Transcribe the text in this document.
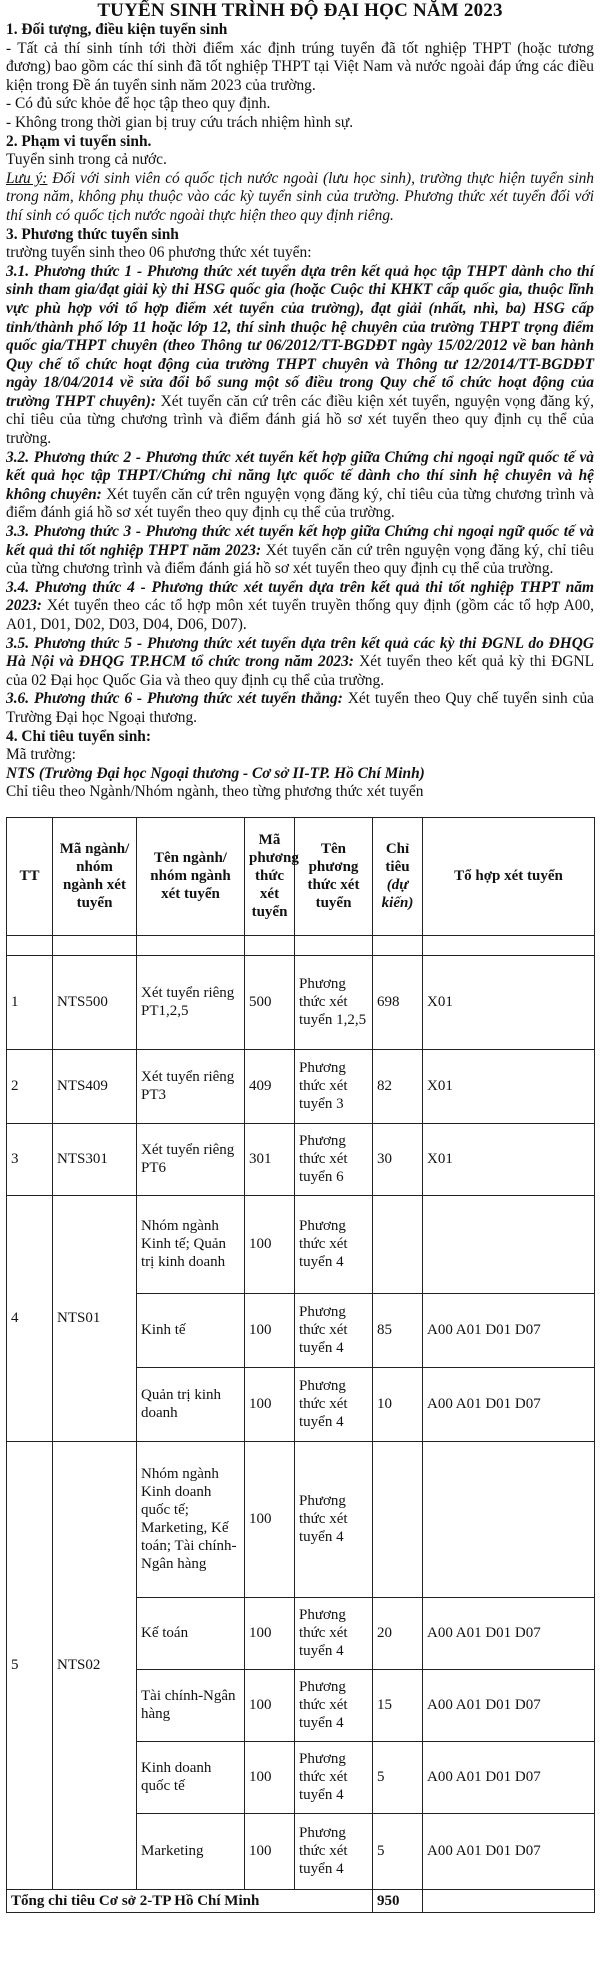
TUYỂN SINH TRÌNH ĐỘ ĐẠI HỌC NĂM 2023

1. Đối tượng, điều kiện tuyển sinh

- Tất cả thí sinh tính tới thời điểm xác định trúng tuyển đã tốt nghiệp THPT (hoặc tương đương) bao gồm các thí sinh đã tốt nghiệp THPT tại Việt Nam và nước ngoài đáp ứng các điều kiện trong Đề án tuyển sinh năm 2023 của trường.

- Có đủ sức khỏe để học tập theo quy định.

- Không trong thời gian bị truy cứu trách nhiệm hình sự.

2. Phạm vi tuyển sinh.

Tuyển sinh trong cả nước.

Lưu ý: Đối với sinh viên có quốc tịch nước ngoài (lưu học sinh), trường thực hiện tuyển sinh trong năm, không phụ thuộc vào các kỳ tuyển sinh của trường. Phương thức xét tuyển đối với thí sinh có quốc tịch nước ngoài thực hiện theo quy định riêng.

3. Phương thức tuyển sinh

trường tuyển sinh theo 06 phương thức xét tuyển:

3.1. Phương thức 1 - Phương thức xét tuyển dựa trên kết quả học tập THPT dành cho thí sinh tham gia/đạt giải kỳ thi HSG quốc gia (hoặc Cuộc thi KHKT cấp quốc gia, thuộc lĩnh vực phù hợp với tổ hợp điểm xét tuyển của trường), đạt giải (nhất, nhì, ba) HSG cấp tỉnh/thành phố lớp 11 hoặc lớp 12, thí sinh thuộc hệ chuyên của trường THPT trọng điểm quốc gia/THPT chuyên (theo Thông tư 06/2012/TT-BGDĐT ngày 15/02/2012 về ban hành Quy chế tổ chức hoạt động của trường THPT chuyên và Thông tư 12/2014/TT-BGDĐT ngày 18/04/2014 về sửa đổi bổ sung một số điều trong Quy chế tổ chức hoạt động của trường THPT chuyên): Xét tuyển căn cứ trên các điều kiện xét tuyển, nguyện vọng đăng ký, chỉ tiêu của từng chương trình và điểm đánh giá hồ sơ xét tuyển theo quy định cụ thể của trường.

3.2. Phương thức 2 - Phương thức xét tuyển kết hợp giữa Chứng chỉ ngoại ngữ quốc tế và kết quả học tập THPT/Chứng chỉ năng lực quốc tế dành cho thí sinh hệ chuyên và hệ không chuyên: Xét tuyển căn cứ trên nguyện vọng đăng ký, chỉ tiêu của từng chương trình và điểm đánh giá hồ sơ xét tuyển theo quy định cụ thể của trường.

3.3. Phương thức 3 - Phương thức xét tuyển kết hợp giữa Chứng chỉ ngoại ngữ quốc tế và kết quả thi tốt nghiệp THPT năm 2023: Xét tuyển căn cứ trên nguyện vọng đăng ký, chỉ tiêu của từng chương trình và điểm đánh giá hồ sơ xét tuyển theo quy định cụ thể của trường.

3.4. Phương thức 4 - Phương thức xét tuyển dựa trên kết quả thi tốt nghiệp THPT năm 2023: Xét tuyển theo các tổ hợp môn xét tuyển truyền thống quy định (gồm các tổ hợp A00, A01, D01, D02, D03, D04, D06, D07).

3.5. Phương thức 5 - Phương thức xét tuyển dựa trên kết quả các kỳ thi ĐGNL do ĐHQG Hà Nội và ĐHQG TP.HCM tổ chức trong năm 2023: Xét tuyển theo kết quả kỳ thi ĐGNL của 02 Đại học Quốc Gia và theo quy định cụ thể của trường.

3.6. Phương thức 6 - Phương thức xét tuyển thẳng: Xét tuyển theo Quy chế tuyển sinh của Trường Đại học Ngoại thương.

4. Chỉ tiêu tuyển sinh:

Mã trường:

NTS (Trường Đại học Ngoại thương - Cơ sở II-TP. Hồ Chí Minh)

Chỉ tiêu theo Ngành/Nhóm ngành, theo từng phương thức xét tuyển

TT	Mã ngành/ nhóm ngành xét tuyển	Tên ngành/ nhóm ngành xét tuyển	Mã phương thức xét tuyển	Tên phương thức xét tuyển	Chỉ tiêu
(dự kiến)	Tổ hợp xét tuyển

1	NTS500	Xét tuyển riêng PT1,2,5	500	Phương thức xét tuyển 1,2,5	698	X01
2	NTS409	Xét tuyển riêng PT3	409	Phương thức xét tuyển 3	82	X01
3	NTS301	Xét tuyển riêng PT6	301	Phương thức xét tuyển 6	30	X01
4	NTS01	Nhóm ngành Kinh tế; Quản trị kinh doanh	100	Phương thức xét tuyển 4		
		Kinh tế	100	Phương thức xét tuyển 4	85	A00 A01 D01 D07
		Quản trị kinh doanh	100	Phương thức xét tuyển 4	10	A00 A01 D01 D07
5	NTS02	Nhóm ngành Kinh doanh quốc tế; Marketing, Kế toán; Tài chính-Ngân hàng	100	Phương thức xét tuyển 4		
		Kế toán	100	Phương thức xét tuyển 4	20	A00 A01 D01 D07
		Tài chính-Ngân hàng	100	Phương thức xét tuyển 4	15	A00 A01 D01 D07
		Kinh doanh quốc tế	100	Phương thức xét tuyển 4	5	A00 A01 D01 D07
		Marketing	100	Phương thức xét tuyển 4	5	A00 A01 D01 D07
Tổng chỉ tiêu Cơ sở 2-TP Hồ Chí Minh					950	
